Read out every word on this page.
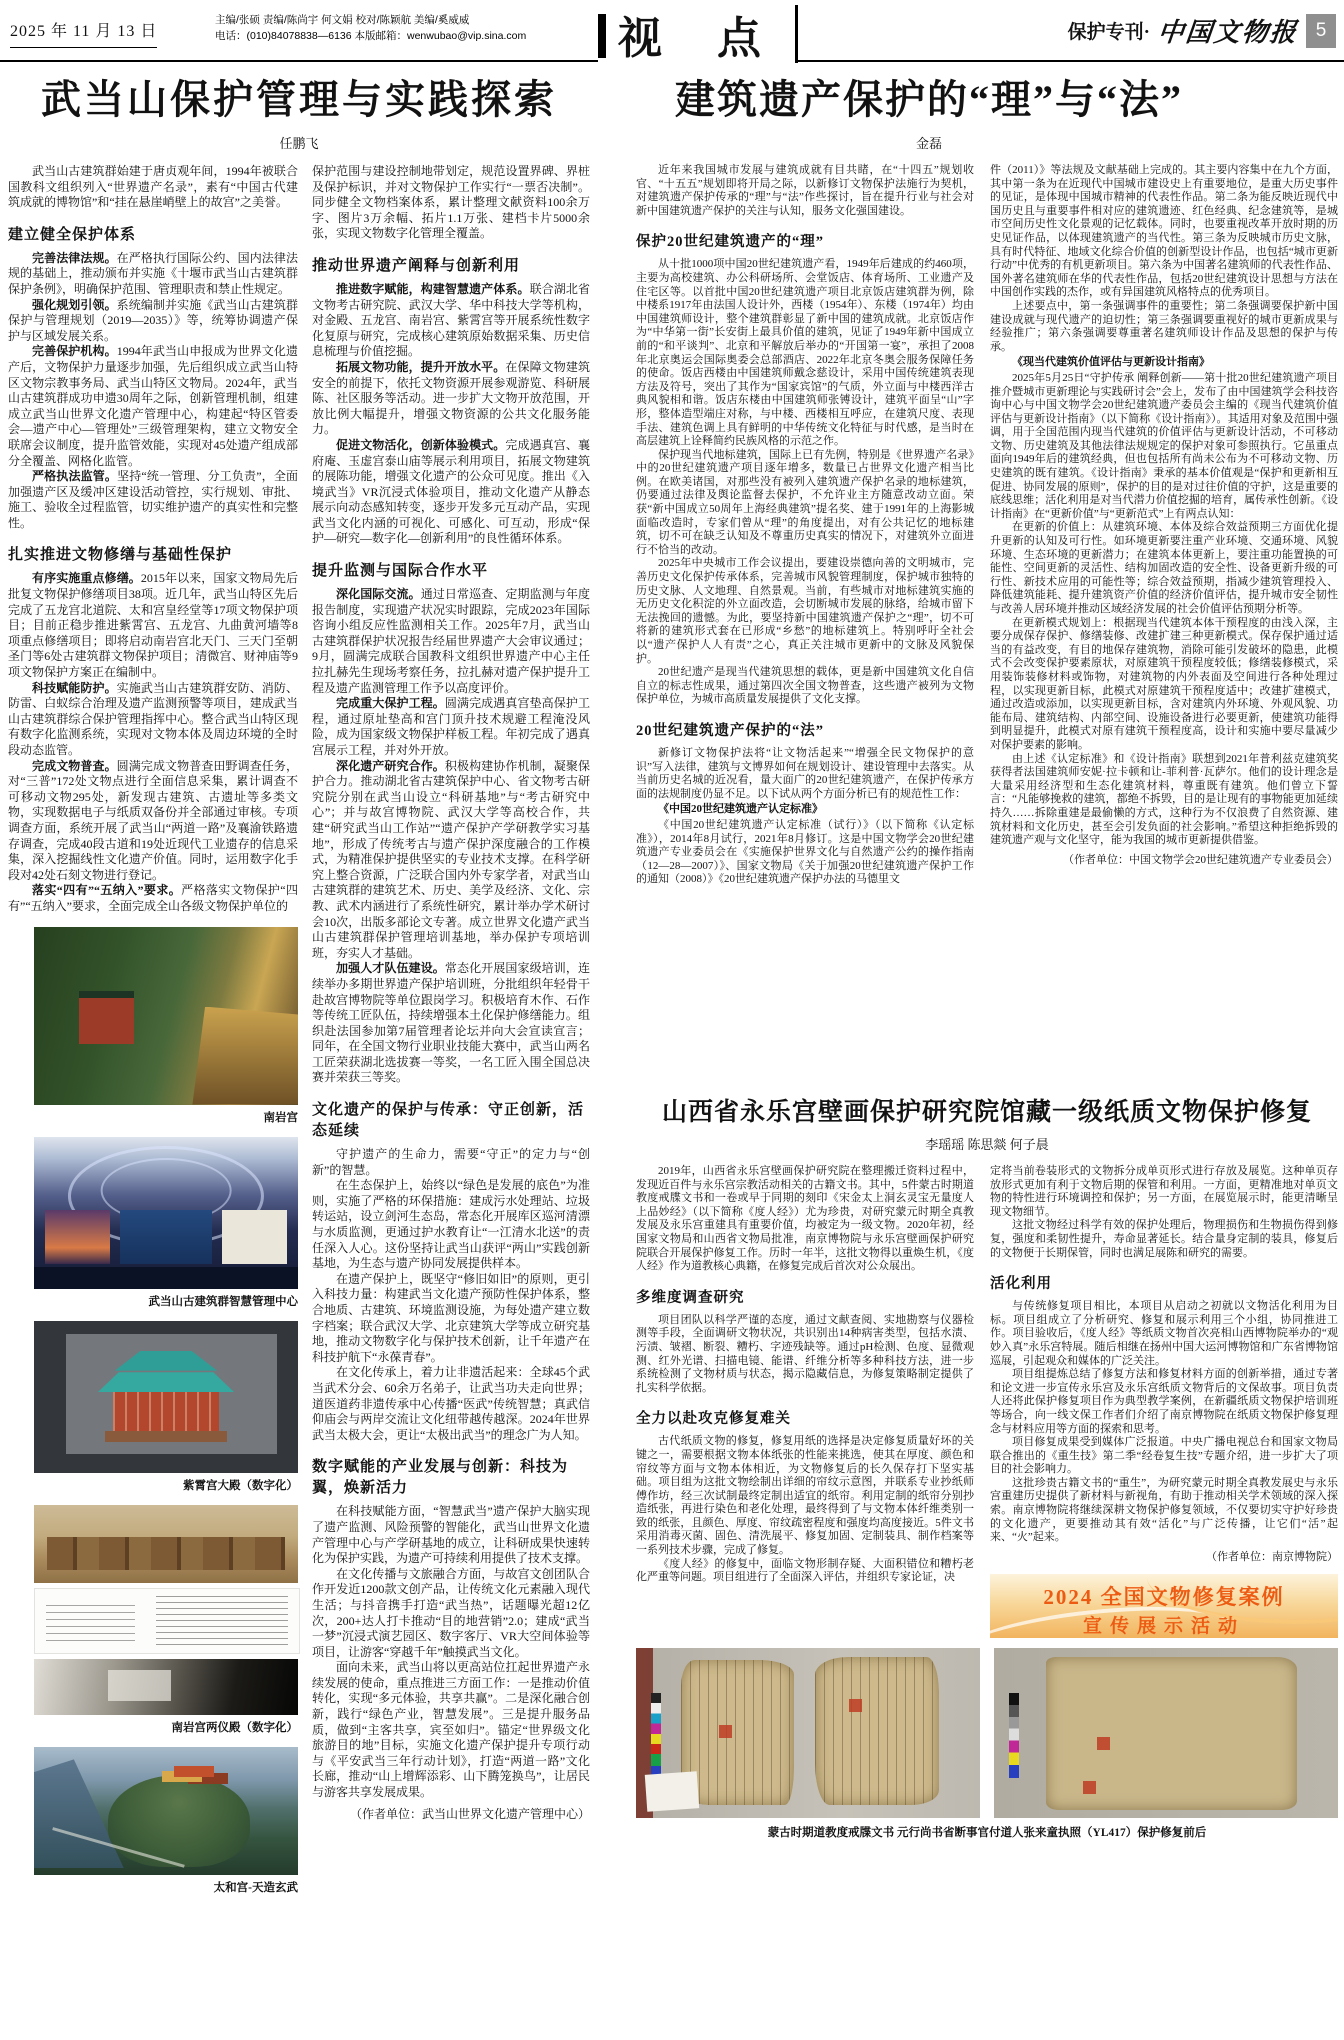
2025 年 11 月 13 日
主编/张硕 责编/陈尚宇 何文娟 校对/陈颖航 美编/奚威威
电话：(010)84078838—6136 本版邮箱：wenwubao@vip.sina.com 视 点	保护专刊· 中国文物报 5
武当山保护管理与实践探索
任鹏飞

武当山古建筑群始建于唐贞观年间，1994年被联合国教科文组织列入“世界遗产名录”，素有“中国古代建筑成就的博物馆”和“挂在悬崖峭壁上的故宫”之美誉。

建立健全保护体系

完善法律法规。在严格执行国际公约、国内法律法规的基础上，推动颁布并实施《十堰市武当山古建筑群保护条例》，明确保护范围、管理职责和禁止性规定。

强化规划引领。系统编制并实施《武当山古建筑群保护与管理规划（2019—2035）》等，统筹协调遗产保护与区域发展关系。

完善保护机构。1994年武当山申报成为世界文化遗产后，文物保护力量逐步加强，先后组织成立武当山特区文物宗教事务局、武当山特区文物局。2024年，武当山古建筑群成功申遗30周年之际，创新管理机制，组建成立武当山世界文化遗产管理中心，构建起“特区管委会—遗产中心—管理处”三级管理架构，建立文物安全联席会议制度，提升监管效能，实现对45处遗产组成部分全覆盖、网格化监管。

严格执法监管。坚持“统一管理、分工负责”，全面加强遗产区及缓冲区建设活动管控，实行规划、审批、施工、验收全过程监管，切实维护遗产的真实性和完整性。

扎实推进文物修缮与基础性保护

有序实施重点修缮。2015年以来，国家文物局先后批复文物保护修缮项目38项。近几年，武当山特区先后完成了五龙宫北道院、太和宫皇经堂等17项文物保护项目；目前正稳步推进紫霄宫、五龙宫、九曲黄河墙等8项重点修缮项目；即将启动南岩宫北天门、三天门至朝圣门等6处古建筑群文物保护项目；清微宫、财神庙等9项文物保护方案正在编制中。

科技赋能防护。实施武当山古建筑群安防、消防、防雷、白蚁综合治理及遗产监测预警等项目，建成武当山古建筑群综合保护管理指挥中心。整合武当山特区现有数字化监测系统，实现对文物本体及周边环境的全时段动态监管。

完成文物普查。圆满完成文物普查田野调查任务，对“三普”172处文物点进行全面信息采集，累计调查不可移动文物295处，新发现古建筑、古遗址等多类文物，实现数据电子与纸质双备份并全部通过审核。专项调查方面，系统开展了武当山“两道一路”及襄渝铁路遗存调查，完成40段古道和19处近现代工业遗存的信息采集，深入挖掘线性文化遗产价值。同时，运用数字化手段对42处石刻文物进行登记。

落实“四有”“五纳入”要求。严格落实文物保护“四有”“五纳入”要求，全面完成全山各级文物保护单位的

南岩宫
武当山古建筑群智慧管理中心
紫霄宫大殿（数字化）
南岩宫两仪殿（数字化）
太和宫-天造玄武

保护范围与建设控制地带划定，规范设置界碑、界桩及保护标识，并对文物保护工作实行“一票否决制”。同步健全文物档案体系，累计整理文献资料100余万字、图片3万余幅、拓片1.1万张、建档卡片5000余张，实现文物数字化管理全覆盖。

推动世界遗产阐释与创新利用

推进数字赋能，构建智慧遗产体系。联合湖北省文物考古研究院、武汉大学、华中科技大学等机构，对金殿、五龙宫、南岩宫、紫霄宫等开展系统性数字化复原与研究，完成核心建筑原始数据采集、历史信息梳理与价值挖掘。

拓展文物功能，提升开放水平。在保障文物建筑安全的前提下，依托文物资源开展参观游览、科研展陈、社区服务等活动。进一步扩大文物开放范围，开放比例大幅提升，增强文物资源的公共文化服务能力。

促进文物活化，创新体验模式。完成遇真宫、襄府庵、玉虚宫泰山庙等展示利用项目，拓展文物建筑的展陈功能，增强文化遗产的公众可见度。推出《入境武当》VR沉浸式体验项目，推动文化遗产从静态展示向动态感知转变，逐步开发多元互动产品，实现武当文化内涵的可视化、可感化、可互动，形成“保护—研究—数字化—创新利用”的良性循环体系。

提升监测与国际合作水平

深化国际交流。通过日常巡查、定期监测与年度报告制度，实现遗产状况实时跟踪，完成2023年国际咨询小组反应性监测相关工作。2025年7月，武当山古建筑群保护状况报告经届世界遗产大会审议通过；9月，圆满完成联合国教科文组织世界遗产中心主任拉扎赫先生现场考察任务，拉扎赫对遗产保护提升工程及遗产监测管理工作予以高度评价。

完成重大保护工程。圆满完成遇真宫垫高保护工程，通过原址垫高和宫门顶升技术规避工程淹没风险，成为国家级文物保护样板工程。年初完成了遇真宫展示工程，并对外开放。

深化遗产研究合作。积极构建协作机制，凝聚保护合力。推动湖北省古建筑保护中心、省文物考古研究院分别在武当山设立“科研基地”与“考古研究中心”；并与故宫博物院、武汉大学等高校合作，共建“研究武当山工作站”“遗产保护产学研教学实习基地”，形成了传统考古与遗产保护深度融合的工作模式，为精准保护提供坚实的专业技术支撑。在科学研究上整合资源，广泛联合国内外专家学者，对武当山古建筑群的建筑艺术、历史、美学及经济、文化、宗教、武术内涵进行了系统性研究，累计举办学术研讨会10次，出版多部论文专著。成立世界文化遗产武当山古建筑群保护管理培训基地，举办保护专项培训班，夯实人才基础。

加强人才队伍建设。常态化开展国家级培训，连续举办多期世界遗产保护培训班，分批组织年轻骨干赴故宫博物院等单位跟岗学习。积极培育木作、石作等传统工匠队伍，持续增强本土化保护修缮能力。组织赴法国参加第7届管理者论坛并向大会宣读宣言；同年，在全国文物行业职业技能大赛中，武当山两名工匠荣获湖北选拔赛一等奖，一名工匠入围全国总决赛并荣获三等奖。

文化遗产的保护与传承：守正创新，活态延续

守护遗产的生命力，需要“守正”的定力与“创新”的智慧。

在生态保护上，始终以“绿色是发展的底色”为准则，实施了严格的环保措施：建成污水处理站、垃圾转运站，设立剑河生态岛，常态化开展库区巡河清漂与水质监测，更通过护水教育让“一江清水北送”的责任深入人心。这份坚持让武当山获评“两山”实践创新基地，为生态与遗产协同发展提供样本。

在遗产保护上，既坚守“修旧如旧”的原则，更引入科技力量：构建武当文化遗产预防性保护体系，整合地质、古建筑、环境监测设施，为每处遗产建立数字档案；联合武汉大学、北京建筑大学等成立研究基地，推动文物数字化与保护技术创新，让千年遗产在科技护航下“永葆青春”。

在文化传承上，着力让非遗活起来：全球45个武当武术分会、60余万名弟子，让武当功夫走向世界；道医道药非遗传承中心传播“医武”传统智慧；真武信仰庙会与两岸交流让文化纽带越传越深。2024年世界武当太极大会，更让“太极出武当”的理念广为人知。

数字赋能的产业发展与创新：科技为翼，焕新活力

在科技赋能方面，“智慧武当”遗产保护大脑实现了遗产监测、风险预警的智能化，武当山世界文化遗产管理中心与产学研基地的成立，让科研成果快速转化为保护实践，为遗产可持续利用提供了技术支撑。

在文化传播与文旅融合方面，与故宫文创团队合作开发近1200款文创产品，让传统文化元素融入现代生活；与抖音携手打造“武当热”，话题曝光超12亿次，200+达人打卡推动“目的地营销”2.0；建成“武当一梦”沉浸式演艺园区、数字客厅、VR大空间体验等项目，让游客“穿越千年”触摸武当文化。

面向未来，武当山将以更高站位扛起世界遗产永续发展的使命，重点推进三方面工作：一是推动价值转化，实现“多元体验，共享共赢”。二是深化融合创新，践行“绿色产业，智慧发展”。三是提升服务品质，做到“主客共享，宾至如归”。锚定“世界级文化旅游目的地”目标，实施文化遗产保护提升专项行动与《平安武当三年行动计划》，打造“两道一路”文化长廊，推动“山上增辉添彩、山下腾笼换鸟”，让居民与游客共享发展成果。

（作者单位：武当山世界文化遗产管理中心）

建筑遗产保护的“理”与“法”
金磊

近年来我国城市发展与建筑成就有目共睹，在“十四五”规划收官、“十五五”规划即将开局之际，以新修订文物保护法施行为契机，对建筑遗产保护传承的“理”与“法”作些探讨，旨在提升行业与社会对新中国建筑遗产保护的关注与认知，服务文化强国建设。

保护20世纪建筑遗产的“理”

从十批1000项中国20世纪建筑遗产看，1949年后建成的约460项，主要为高校建筑、办公科研场所、会堂饭店、体育场所、工业遗产及住宅区等。以首批中国20世纪建筑遗产项目北京饭店建筑群为例，除中楼系1917年由法国人设计外，西楼（1954年）、东楼（1974年）均由中国建筑师设计，整个建筑群彰显了新中国的建筑成就。北京饭店作为“中华第一街”长安街上最具价值的建筑，见证了1949年新中国成立前的“和平谈判”、北京和平解放后举办的“开国第一宴”，承担了2008年北京奥运会国际奥委会总部酒店、2022年北京冬奥会服务保障任务的使命。饭店西楼由中国建筑师戴念慈设计，采用中国传统建筑表现方法及符号，突出了其作为“国家宾馆”的气质，外立面与中楼西洋古典风貌相和谐。饭店东楼由中国建筑师张镈设计，建筑平面呈“山”字形，整体造型端庄对称，与中楼、西楼相互呼应，在建筑尺度、表现手法、建筑色调上具有鲜明的中华传统文化特征与时代感，是当时在高层建筑上诠释简约民族风格的示范之作。

保护现当代地标建筑，国际上已有先例，特别是《世界遗产名录》中的20世纪建筑遗产项目逐年增多，数量已占世界文化遗产相当比例。在欧美诸国，对那些没有被列入建筑遗产保护名录的地标建筑，仍要通过法律及舆论监督去保护，不允许业主方随意改动立面。荣获“新中国成立50周年上海经典建筑”提名奖、建于1991年的上海影城面临改造时，专家们曾从“理”的角度提出，对有公共记忆的地标建筑，切不可在缺乏认知及不尊重历史真实的情况下，对建筑外立面进行不恰当的改动。

2025年中央城市工作会议提出，要建设崇德向善的文明城市，完善历史文化保护传承体系，完善城市风貌管理制度，保护城市独特的历史文脉、人文地理、自然景观。当前，有些城市对地标建筑实施的无历史文化积淀的外立面改造，会切断城市发展的脉络，给城市留下无法挽回的遗憾。为此，要坚持新中国建筑遗产保护之“理”，切不可将新的建筑形式套在已形成“乡愁”的地标建筑上。特别呼吁全社会以“遗产保护人人有责”之心，真正关注城市更新中的文脉及风貌保护。

20世纪遗产是现当代建筑思想的载体，更是新中国建筑文化自信自立的标志性成果，通过第四次全国文物普查，这些遗产被列为文物保护单位，为城市高质量发展提供了文化支撑。

20世纪建筑遗产保护的“法”

新修订文物保护法将“让文物活起来”“增强全民文物保护的意识”写入法律，建筑与文博界如何在规划设计、建设管理中去落实。从当前历史名城的近况看，量大面广的20世纪建筑遗产，在保护传承方面的法规制度仍显不足。以下试从两个方面分析已有的规范性工作：

《中国20世纪建筑遗产认定标准》

《中国20世纪建筑遗产认定标准（试行）》（以下简称《认定标准》），2014年8月试行，2021年8月修订。这是中国文物学会20世纪建筑遗产专业委员会在《实施保护世界文化与自然遗产公约的操作指南（12—28—2007）》、国家文物局《关于加强20世纪建筑遗产保护工作的通知（2008）》《20世纪建筑遗产保护办法的马德里文

件（2011）》等法规及文献基础上完成的。其主要内容集中在九个方面，其中第一条为在近现代中国城市建设史上有重要地位，是重大历史事件的见证，是体现中国城市精神的代表性作品。第二条为能反映近现代中国历史且与重要事件相对应的建筑遗迹、红色经典、纪念建筑等，是城市空间历史性文化景观的记忆载体。同时，也要重视改革开放时期的历史见证作品，以体现建筑遗产的当代性。第三条为反映城市历史文脉，具有时代特征、地域文化综合价值的创新型设计作品，也包括“城市更新行动”中优秀的有机更新项目。第六条为中国著名建筑师的代表性作品、国外著名建筑师在华的代表性作品，包括20世纪建筑设计思想与方法在中国创作实践的杰作，或有异国建筑风格特点的优秀项目。

上述要点中，第一条强调事件的重要性；第二条强调要保护新中国建设成就与现代遗产的迫切性；第三条强调要重视好的城市更新成果与经验推广；第六条强调要尊重著名建筑师设计作品及思想的保护与传承。

《现当代建筑价值评估与更新设计指南》

2025年5月25日“守护传承 阐释创新——第十批20世纪建筑遗产项目推介暨城市更新理论与实践研讨会”会上，发布了由中国建筑学会科技咨询中心与中国文物学会20世纪建筑遗产委员会主编的《现当代建筑价值评估与更新设计指南》（以下简称《设计指南》）。其适用对象及范围中强调，用于全国范围内现当代建筑的价值评估与更新设计活动，不可移动文物、历史建筑及其他法律法规规定的保护对象可参照执行。它虽重点面向1949年后的建筑经典，但也包括所有尚未公布为不可移动文物、历史建筑的既有建筑。《设计指南》秉承的基本价值观是“保护和更新相互促进、协同发展的原则”，保护的目的是对过往价值的守护，这是重要的底线思维；活化利用是对当代潜力价值挖掘的培育，属传承性创新。《设计指南》在“更新价值”与“更新范式”上有两点认知：

在更新的价值上：从建筑环境、本体及综合效益预期三方面优化提升更新的认知及可行性。如环境更新要注重产业环境、交通环境、风貌环境、生态环境的更新潜力；在建筑本体更新上，要注重功能置换的可能性、空间更新的灵活性、结构加固改造的安全性、设备更新升级的可行性、新技术应用的可能性等；综合效益预期，指减少建筑管理投入、降低建筑能耗、提升建筑资产价值的经济价值评估，提升城市安全韧性与改善人居环境并推动区域经济发展的社会价值评估预期分析等。

在更新模式规划上：根据现当代建筑本体干预程度的由浅入深，主要分成保存保护、修缮装修、改建扩建三种更新模式。保存保护通过适当的有益改变，有目的地保存建筑物，消除可能引发破坏的隐患，此模式不会改变保护要素原状，对原建筑干预程度较低；修缮装修模式，采用装饰装修材料或饰物，对建筑物的内外表面及空间进行各种处理过程，以实现更新目标，此模式对原建筑干预程度适中；改建扩建模式，通过改造或添加，以实现更新目标，含对建筑内外环境、外观风貌、功能布局、建筑结构、内部空间、设施设备进行必要更新，使建筑功能得到明显提升，此模式对原有建筑干预程度高，设计和实施中要尽量减少对保护要素的影响。

由上述《认定标准》和《设计指南》联想到2021年普利兹克建筑奖获得者法国建筑师安妮·拉卡顿和让-菲利普·瓦萨尔。他们的设计理念是大量采用经济型和生态化建筑材料，尊重既有建筑。他们曾立下誓言：“凡能够挽救的建筑，都绝不拆毁，目的是让现有的事物能更加延续持久……拆除重建是最偷懒的方式，这种行为不仅浪费了自然资源、建筑材料和文化历史，甚至会引发负面的社会影响。”希望这种拒绝拆毁的建筑遗产观与文化坚守，能为我国的城市更新提供借鉴。

（作者单位：中国文物学会20世纪建筑遗产专业委员会）

山西省永乐宫壁画保护研究院馆藏一级纸质文物保护修复
李瑶瑶 陈思燚 何子晨

2019年，山西省永乐宫壁画保护研究院在整理搬迁资料过程中，发现近百件与永乐宫宗教活动相关的古籍文书。其中，5件蒙古时期道教度戒牒文书和一卷或早于同期的刻印《宋金太上洞玄灵宝无量度人上品妙经》（以下简称《度人经》）尤为珍贵，对研究蒙元时期全真教发展及永乐宫重建具有重要价值，均被定为一级文物。2020年初，经国家文物局和山西省文物局批准，南京博物院与永乐宫壁画保护研究院联合开展保护修复工作。历时一年半，这批文物得以重焕生机，《度人经》作为道教核心典籍，在修复完成后首次对公众展出。

多维度调查研究

项目团队以科学严谨的态度，通过文献查阅、实地勘察与仪器检测等手段，全面调研文物状况，共识别出14种病害类型，包括水渍、污渍、皱褶、断裂、糟朽、字迹残缺等。通过pH检测、色度、显微观测、红外光谱、扫描电镜、能谱、纤维分析等多种科技方法，进一步系统检测了文物材质与状态，揭示隐藏信息，为修复策略制定提供了扎实科学依据。

全力以赴攻克修复难关

古代纸质文物的修复，修复用纸的选择是决定修复质量好坏的关键之一，需要根据文物本体纸张的性能来挑选，使其在厚度、颜色和帘纹等方面与文物本体相近，为文物修复后的长久保存打下坚实基础。项目组为这批文物绘制出详细的帘纹示意图，并联系专业抄纸师傅作坊，经三次试制最终定制出适宜的纸帘。利用定制的纸帘分别抄造纸张，再进行染色和老化处理，最终得到了与文物本体纤维类别一致的纸张，且颜色、厚度、帘纹疏密程度和强度均高度接近。5件文书采用消毒灭菌、固色、清洗展平、修复加固、定制装具、制作档案等一系列技术步骤，完成了修复。

《度人经》的修复中，面临文物形制存疑、大面积错位和糟朽老化严重等问题。项目组进行了全面深入评估，并组织专家论证，决

定将当前卷装形式的文物拆分成单页形式进行存放及展览。这种单页存放形式更加有利于文物后期的保管和利用。一方面，更精准地对单页文物的特性进行环境调控和保护；另一方面，在展览展示时，能更清晰呈现文物细节。

这批文物经过科学有效的保护处理后，物理损伤和生物损伤得到修复，强度和柔韧性提升，寿命显著延长。结合量身定制的装具，修复后的文物便于长期保管，同时也满足展陈和研究的需要。

活化利用

与传统修复项目相比，本项目从启动之初就以文物活化利用为目标。项目组成立了分析研究、修复和展示利用三个小组，协同推进工作。项目验收后，《度人经》等纸质文物首次亮相山西博物院举办的“观妙入真”永乐宫特展。随后相继在扬州中国大运河博物馆和广东省博物馆巡展，引起观众和媒体的广泛关注。

项目组提炼总结了修复方法和修复材料方面的创新举措，通过专著和论文进一步宣传永乐宫及永乐宫纸质文物背后的文保故事。项目负责人还将此保护修复项目作为典型教学案例，在新疆纸质文物保护培训班等场合，向一线文保工作者们介绍了南京博物院在纸质文物保护修复理念与材料应用等方面的探索和思考。

项目修复成果受到媒体广泛报道。中央广播电视总台和国家文物局联合推出的《重生技》第二季“经卷复生技”专题介绍，进一步扩大了项目的社会影响力。

这批珍贵古籍文书的“重生”，为研究蒙元时期全真教发展史与永乐宫重建历史提供了新材料与新视角，有助于推动相关学术领域的深入探索。南京博物院将继续深耕文物保护修复领域，不仅要切实守护好珍贵的文化遗产，更要推动其有效“活化”与广泛传播，让它们“活”起来、“火”起来。

（作者单位：南京博物院）

2024 全国文物修复案例
宣传展示活动
蒙古时期道教度戒牒文书 元行尚书省断事官付道人张来童执照（YL417）保护修复前后
